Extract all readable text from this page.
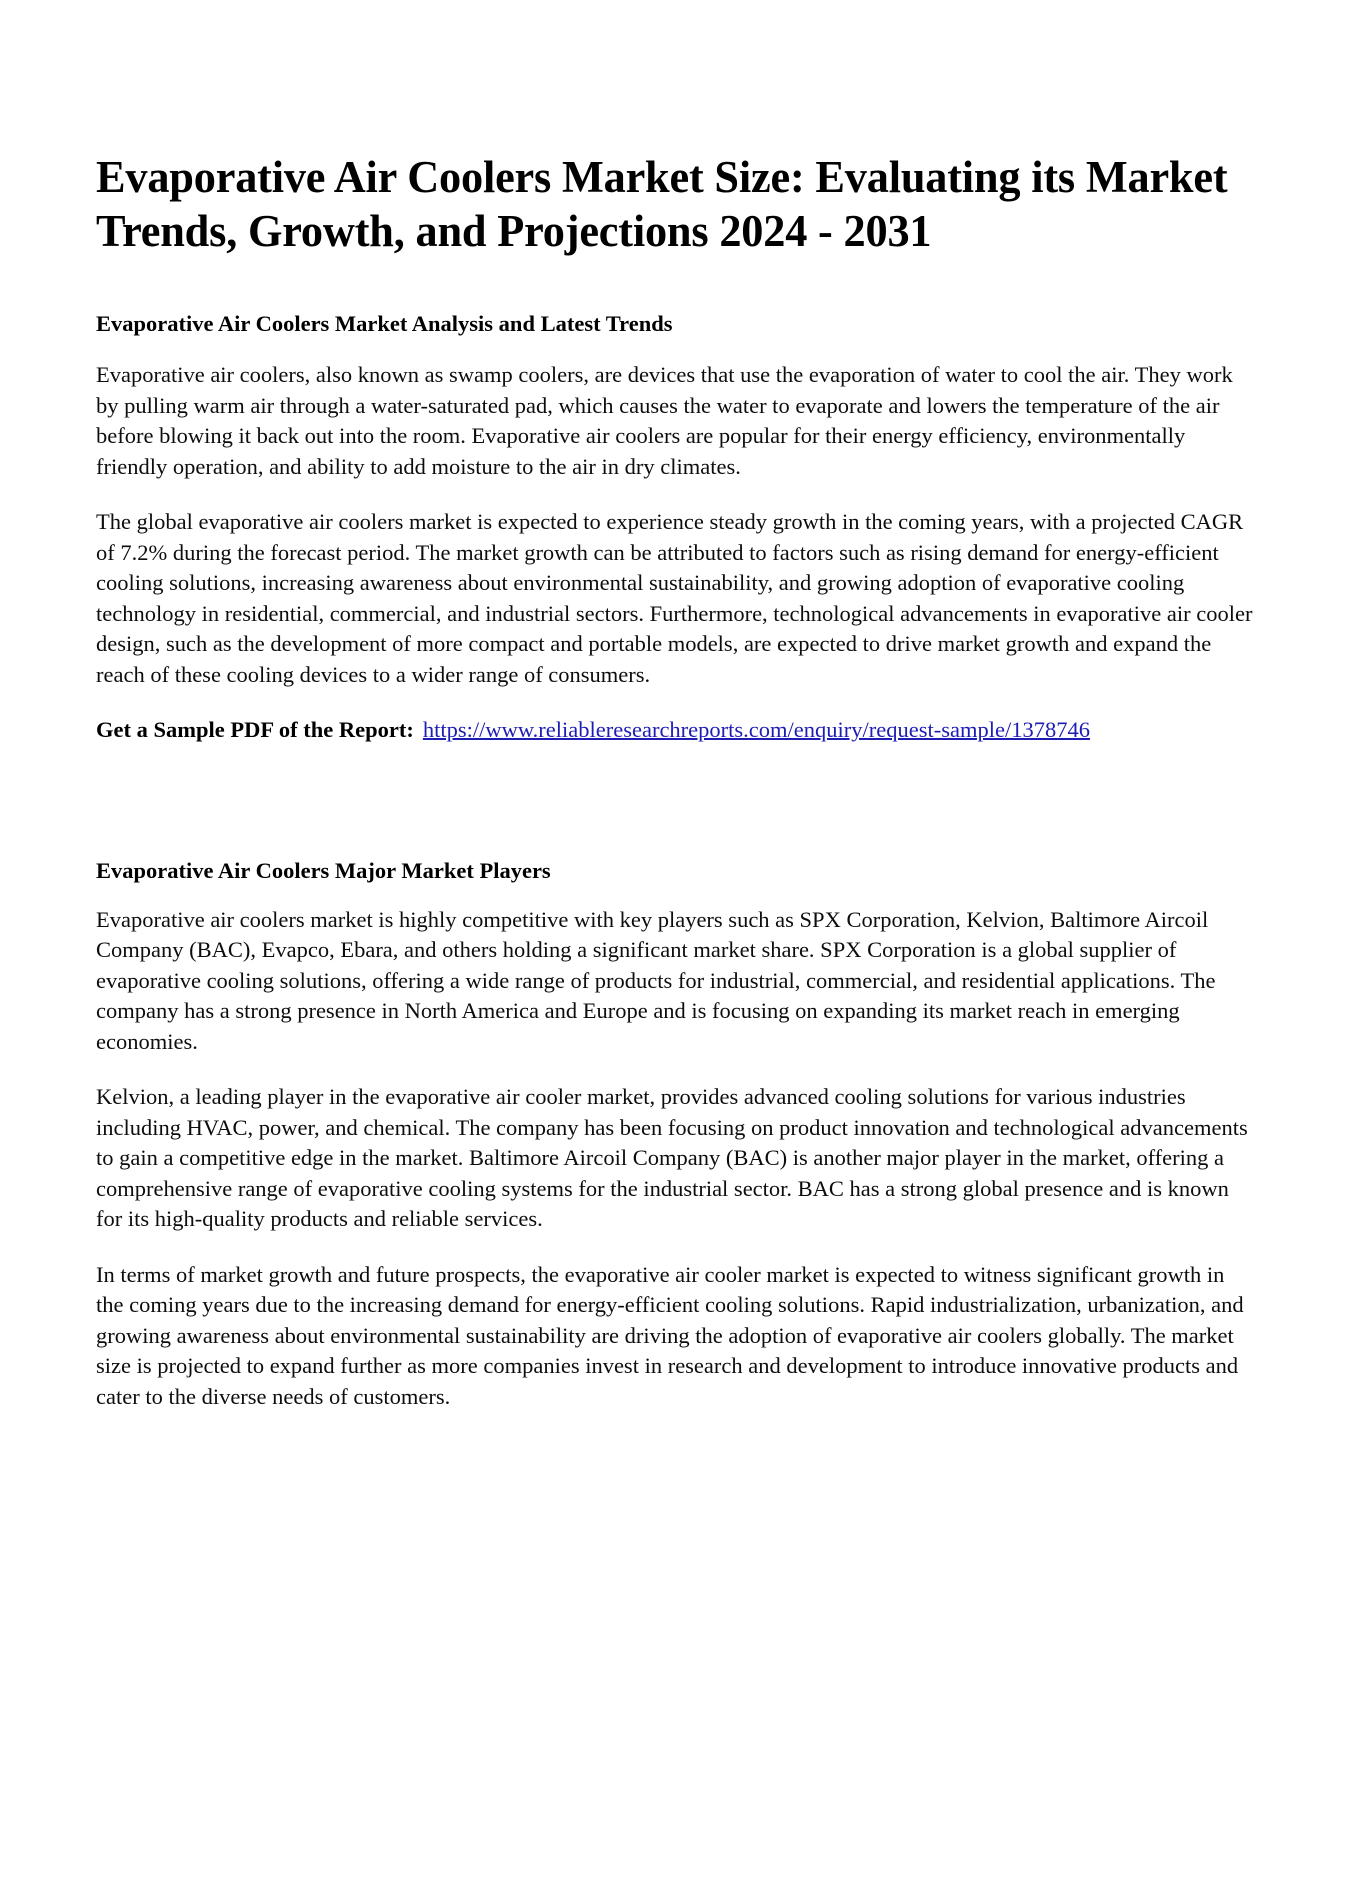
Evaporative Air Coolers Market Size: Evaluating its Market Trends, Growth, and Projections 2024 - 2031
Evaporative Air Coolers Market Analysis and Latest Trends

Evaporative air coolers, also known as swamp coolers, are devices that use the evaporation of water to cool the air. They work by pulling warm air through a water-saturated pad, which causes the water to evaporate and lowers the temperature of the air before blowing it back out into the room. Evaporative air coolers are popular for their energy efficiency, environmentally friendly operation, and ability to add moisture to the air in dry climates.

The global evaporative air coolers market is expected to experience steady growth in the coming years, with a projected CAGR of 7.2% during the forecast period. The market growth can be attributed to factors such as rising demand for energy-efficient cooling solutions, increasing awareness about environmental sustainability, and growing adoption of evaporative cooling technology in residential, commercial, and industrial sectors. Furthermore, technological advancements in evaporative air cooler design, such as the development of more compact and portable models, are expected to drive market growth and expand the reach of these cooling devices to a wider range of consumers.

Get a Sample PDF of the Report: https://www.reliableresearchreports.com/enquiry/request-sample/1378746

Evaporative Air Coolers Major Market Players

Evaporative air coolers market is highly competitive with key players such as SPX Corporation, Kelvion, Baltimore Aircoil Company (BAC), Evapco, Ebara, and others holding a significant market share. SPX Corporation is a global supplier of evaporative cooling solutions, offering a wide range of products for industrial, commercial, and residential applications. The company has a strong presence in North America and Europe and is focusing on expanding its market reach in emerging economies.

Kelvion, a leading player in the evaporative air cooler market, provides advanced cooling solutions for various industries including HVAC, power, and chemical. The company has been focusing on product innovation and technological advancements to gain a competitive edge in the market. Baltimore Aircoil Company (BAC) is another major player in the market, offering a comprehensive range of evaporative cooling systems for the industrial sector. BAC has a strong global presence and is known for its high-quality products and reliable services.

In terms of market growth and future prospects, the evaporative air cooler market is expected to witness significant growth in the coming years due to the increasing demand for energy-efficient cooling solutions. Rapid industrialization, urbanization, and growing awareness about environmental sustainability are driving the adoption of evaporative air coolers globally. The market size is projected to expand further as more companies invest in research and development to introduce innovative products and cater to the diverse needs of customers.
